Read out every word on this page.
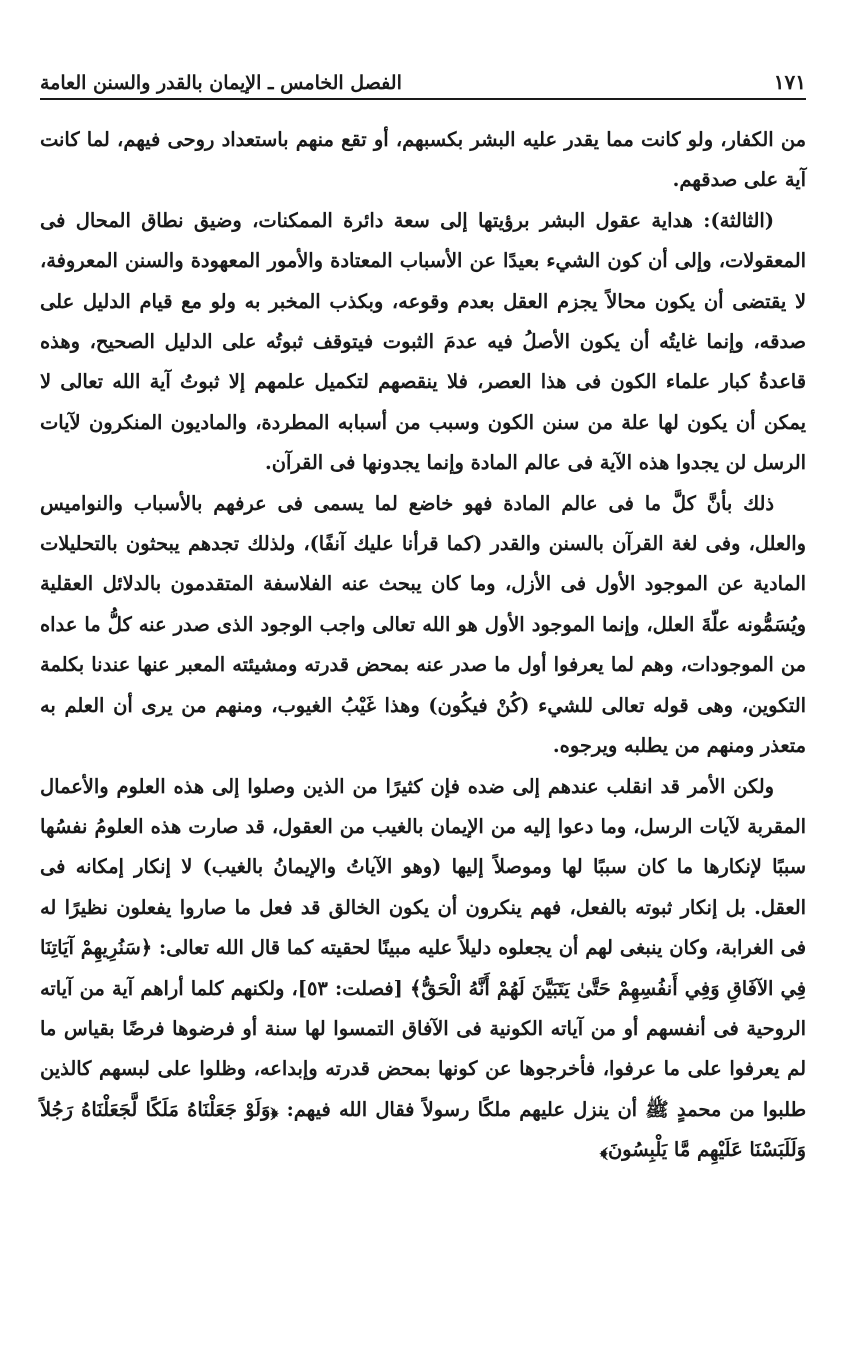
١٧١
الفصل الخامس ـ الإيمان بالقدر والسنن العامة

من الكفار، ولو كانت مما يقدر عليه البشر بكسبهم، أو تقع منهم باستعداد روحى فيهم، لما كانت آية على صدقهم.

(الثالثة): هداية عقول البشر برؤيتها إلى سعة دائرة الممكنات، وضيق نطاق المحال فى المعقولات، وإلى أن كون الشيء بعيدًا عن الأسباب المعتادة والأمور المعهودة والسنن المعروفة، لا يقتضى أن يكون محالاً يجزم العقل بعدم وقوعه، وبكذب المخبر به ولو مع قيام الدليل على صدقه، وإنما غايتُه أن يكون الأصلُ فيه عدمَ الثبوت فيتوقف ثبوتُه على الدليل الصحيح، وهذه قاعدةُ كبار علماء الكون فى هذا العصر، فلا ينقصهم لتكميل علمهم إلا ثبوتُ آية الله تعالى لا يمكن أن يكون لها علة من سنن الكون وسبب من أسبابه المطردة، والماديون المنكرون لآيات الرسل لن يجدوا هذه الآية فى عالم المادة وإنما يجدونها فى القرآن.

ذلك بأنَّ كلَّ ما فى عالم المادة فهو خاضع لما يسمى فى عرفهم بالأسباب والنواميس والعلل، وفى لغة القرآن بالسنن والقدر (كما قرأنا عليك آنفًا)، ولذلك تجدهم يبحثون بالتحليلات المادية عن الموجود الأول فى الأزل، وما كان يبحث عنه الفلاسفة المتقدمون بالدلائل العقلية ويُسَمُّونه علّةَ العلل، وإنما الموجود الأول هو الله تعالى واجب الوجود الذى صدر عنه كلُّ ما عداه من الموجودات، وهم لما يعرفوا أول ما صدر عنه بمحض قدرته ومشيئته المعبر عنها عندنا بكلمة التكوين، وهى قوله تعالى للشيء (كُنْ فيكُون) وهذا غَيْبُ الغيوب، ومنهم من يرى أن العلم به متعذر ومنهم من يطلبه ويرجوه.

ولكن الأمر قد انقلب عندهم إلى ضده فإن كثيرًا من الذين وصلوا إلى هذه العلوم والأعمال المقربة لآيات الرسل، وما دعوا إليه من الإيمان بالغيب من العقول، قد صارت هذه العلومُ نفسُها سببًا لإنكارها ما كان سببًا لها وموصلاً إليها (وهو الآياتُ والإيمانُ بالغيب) لا إنكار إمكانه فى العقل. بل إنكار ثبوته بالفعل، فهم ينكرون أن يكون الخالق قد فعل ما صاروا يفعلون نظيرًا له فى الغرابة، وكان ينبغى لهم أن يجعلوه دليلاً عليه مبينًا لحقيته كما قال الله تعالى: ﴿سَنُرِيهِمْ آيَاتِنَا فِي الآفَاقِ وَفِي أَنفُسِهِمْ حَتَّىٰ يَتَبَيَّنَ لَهُمْ أَنَّهُ الْحَقُّ﴾ [فصلت: ٥٣]، ولكنهم كلما أراهم آية من آياته الروحية فى أنفسهم أو من آياته الكونية فى الآفاق التمسوا لها سنة أو فرضوها فرضًا بقياس ما لم يعرفوا على ما عرفوا، فأخرجوها عن كونها بمحض قدرته وإبداعه، وظلوا على لبسهم كالذين طلبوا من محمدٍ ﷺ أن ينزل عليهم ملكًا رسولاً فقال الله فيهم: ﴿وَلَوْ جَعَلْنَاهُ مَلَكًا لَّجَعَلْنَاهُ رَجُلاً وَلَلَبَسْنَا عَلَيْهِم مَّا يَلْبِسُونَ﴾
